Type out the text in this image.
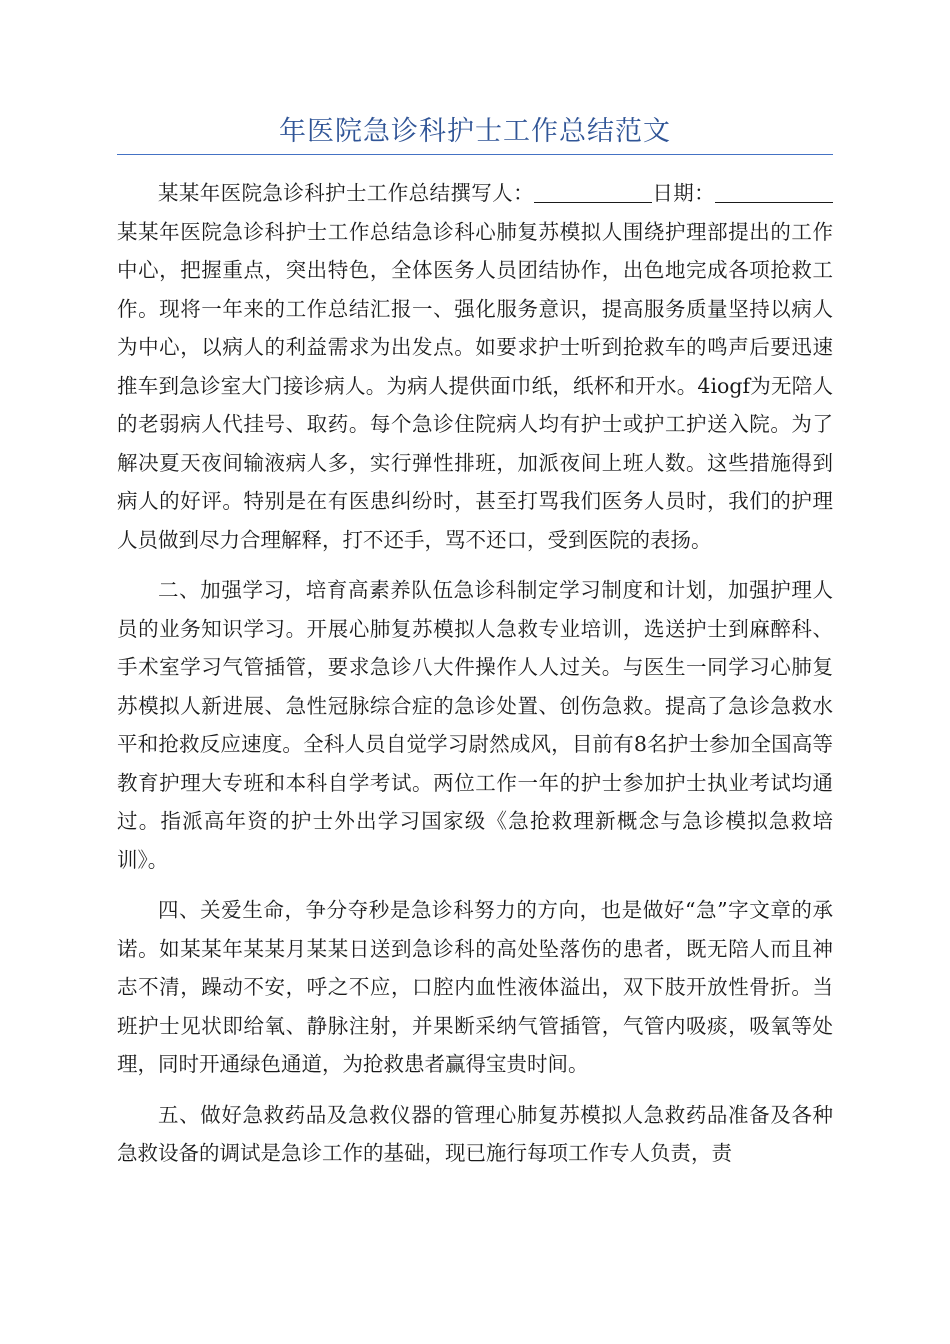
年医院急诊科护士工作总结范文

某某年医院急诊科护士工作总结撰写人：	日期：某某年医院急诊科护士工作总结急诊科心肺复苏模拟人围绕护理部提出的工作中心，把握重点，突出特色，全体医务人员团结协作，出色地完成各项抢救工作。现将一年来的工作总结汇报一、强化服务意识，提高服务质量坚持以病人为中心，以病人的利益需求为出发点。如要求护士听到抢救车的鸣声后要迅速推车到急诊室大门接诊病人。为病人提供面巾纸，纸杯和开水。4iogf为无陪人的老弱病人代挂号、取药。每个急诊住院病人均有护士或护工护送入院。为了解决夏天夜间输液病人多，实行弹性排班，加派夜间上班人数。这些措施得到病人的好评。特别是在有医患纠纷时，甚至打骂我们医务人员时，我们的护理人员做到尽力合理解释，打不还手，骂不还口，受到医院的表扬。

二、加强学习，培育高素养队伍急诊科制定学习制度和计划，加强护理人员的业务知识学习。开展心肺复苏模拟人急救专业培训，选送护士到麻醉科、手术室学习气管插管，要求急诊八大件操作人人过关。与医生一同学习心肺复苏模拟人新进展、急性冠脉综合症的急诊处置、创伤急救。提高了急诊急救水平和抢救反应速度。全科人员自觉学习尉然成风，目前有8名护士参加全国高等教育护理大专班和本科自学考试。两位工作一年的护士参加护士执业考试均通过。指派高年资的护士外出学习国家级《急抢救理新概念与急诊模拟急救培训》。

四、关爱生命，争分夺秒是急诊科努力的方向，也是做好“急”字文章的承诺。如某某年某某月某某日送到急诊科的高处坠落伤的患者，既无陪人而且神志不清，躁动不安，呼之不应，口腔内血性液体溢出，双下肢开放性骨折。当班护士见状即给氧、静脉注射，并果断采纳气管插管，气管内吸痰，吸氧等处理，同时开通绿色通道，为抢救患者赢得宝贵时间。

五、做好急救药品及急救仪器的管理心肺复苏模拟人急救药品准备及各种急救设备的调试是急诊工作的基础，现已施行每项工作专人负责，责
